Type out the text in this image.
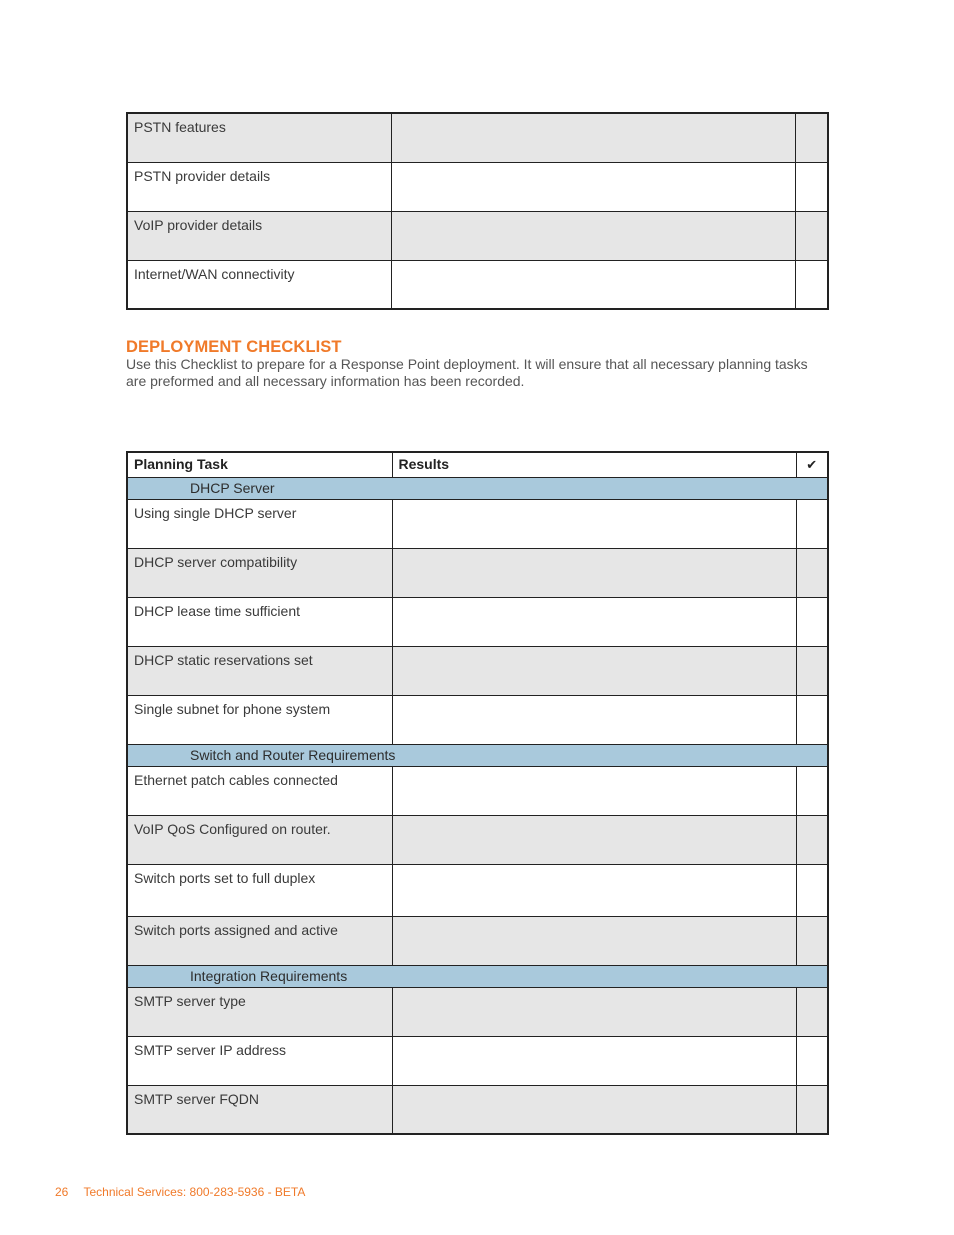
PSTN features		
PSTN provider details		
VoIP provider details		
Internet/WAN connectivity		
DEPLOYMENT CHECKLIST

Use this Checklist to prepare for a Response Point deployment. It will ensure that all necessary planning tasks are preformed and all necessary information has been recorded.

Planning Task	Results	✔
DHCP Server		
Using single DHCP server		
DHCP server compatibility		
DHCP lease time sufficient		
DHCP static reservations set		
Single subnet for phone system		
Switch and Router Requirements		
Ethernet patch cables connected		
VoIP QoS Configured on router.		
Switch ports set to full duplex		
Switch ports assigned and active		
Integration Requirements		
SMTP server type		
SMTP server IP address		
SMTP server FQDN		

26 Technical Services: 800-283-5936 - BETA
